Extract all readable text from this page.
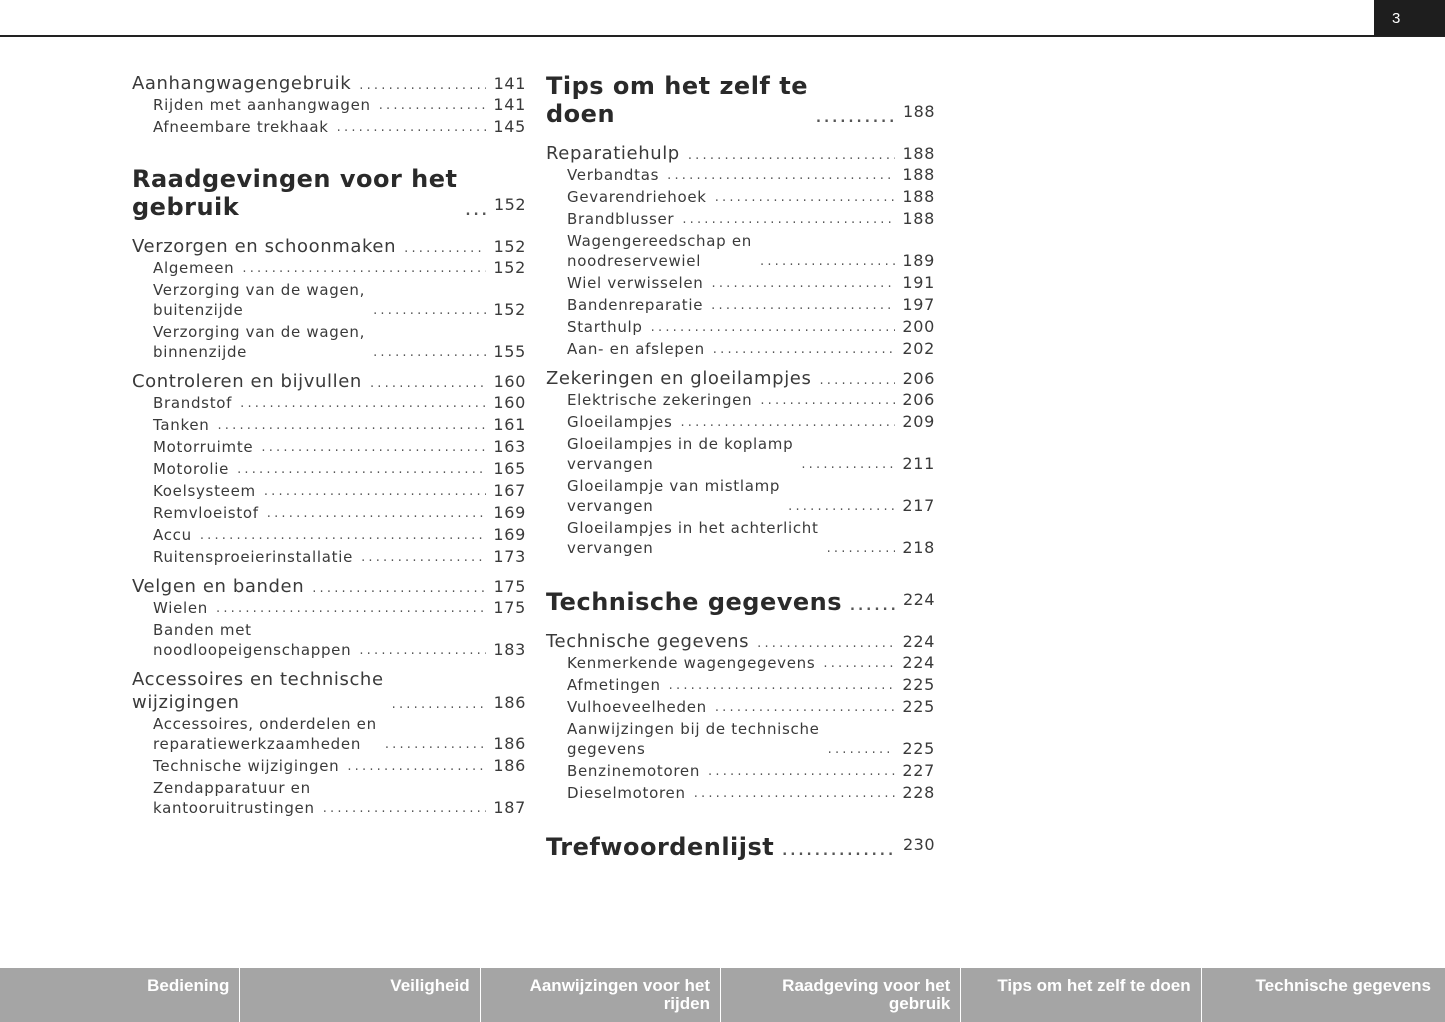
3
Aanhangwagengebruik .....	141
Rijden met aanhangwagen .....	141
Afneembare trekhaak .....	145
Raadgevingen voor het
gebruik .....	152
Verzorgen en schoonmaken .....	152
Algemeen .....	152
Verzorging van de wagen,
buitenzijde .....	152
Verzorging van de wagen,
binnenzijde .....	155
Controleren en bijvullen .....	160
Brandstof .....	160
Tanken .....	161
Motorruimte .....	163
Motorolie .....	165
Koelsysteem .....	167
Remvloeistof .....	169
Accu .....	169
Ruitensproeierinstallatie .....	173
Velgen en banden .....	175
Wielen .....	175
Banden met
noodloopeigenschappen .....	183
Accessoires en technische
wijzigingen .....	186
Accessoires, onderdelen en
reparatiewerkzaamheden .....	186
Technische wijzigingen .....	186
Zendapparatuur en
kantooruitrustingen .....	187
Tips om het zelf te
doen .....	188
Reparatiehulp .....	188
Verbandtas .....	188
Gevarendriehoek .....	188
Brandblusser .....	188
Wagengereedschap en
noodreservewiel .....	189
Wiel verwisselen .....	191
Bandenreparatie .....	197
Starthulp .....	200
Aan- en afslepen .....	202
Zekeringen en gloeilampjes .....	206
Elektrische zekeringen .....	206
Gloeilampjes .....	209
Gloeilampjes in de koplamp
vervangen .....	211
Gloeilampje van mistlamp
vervangen .....	217
Gloeilampjes in het achterlicht
vervangen .....	218
Technische gegevens .....	224
Technische gegevens .....	224
Kenmerkende wagengegevens .....	224
Afmetingen .....	225
Vulhoeveelheden .....	225
Aanwijzingen bij de technische
gegevens .....	225
Benzinemotoren .....	227
Dieselmotoren .....	228
Trefwoordenlijst .....	230
Bediening	Veiligheid	Aanwijzingen voor het
rijden
Raadgeving voor het
gebruik
Tips om het zelf te doen	Technische gegevens
